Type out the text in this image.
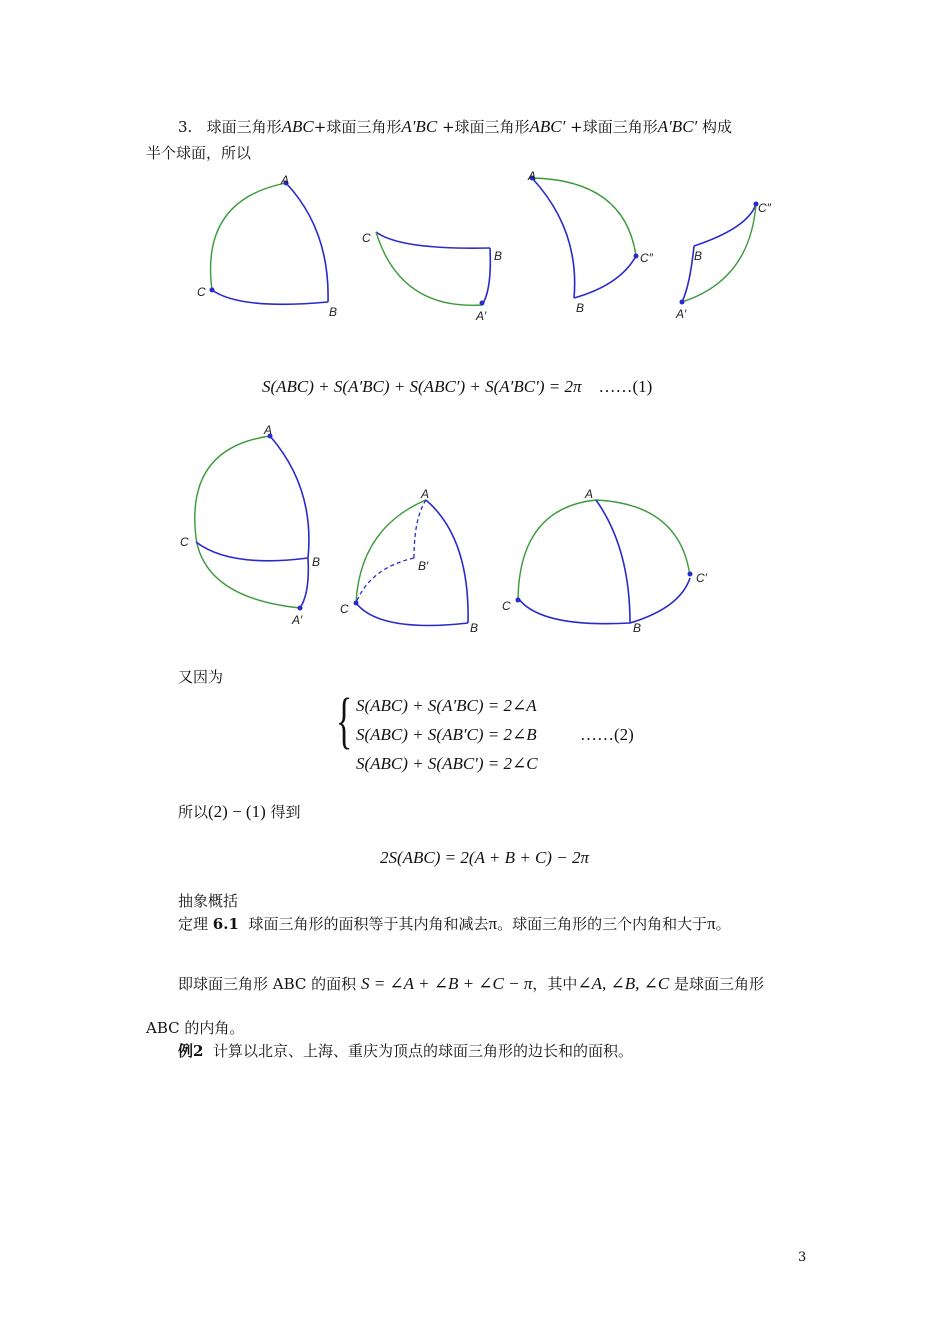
3. 球面三角形ABC+球面三角形A′BC +球面三角形ABC′ +球面三角形A′BC′ 构成
半个球面，所以
A
C
B
C
B
A′
A
C″
B
C″
B
A′
S(ABC) + S(A′BC) + S(ABC′) + S(A′BC′) = 2π ……(1)
A
C
B
A′
A
B′
C
B
A
C′
C
B
又因为
{ S(ABC) + S(A′BC) = 2∠A
S(ABC) + S(AB′C) = 2∠B	……(2)
S(ABC) + S(ABC′) = 2∠C
所以(2) − (1) 得到
2S(ABC) = 2(A + B + C) − 2π
抽象概括
定理 6.1 球面三角形的面积等于其内角和减去π。球面三角形的三个内角和大于π。
即球面三角形 ABC 的面积 S = ∠A + ∠B + ∠C − π，其中∠A, ∠B, ∠C 是球面三角形
ABC 的内角。
例2 计算以北京、上海、重庆为顶点的球面三角形的边长和的面积。
3
